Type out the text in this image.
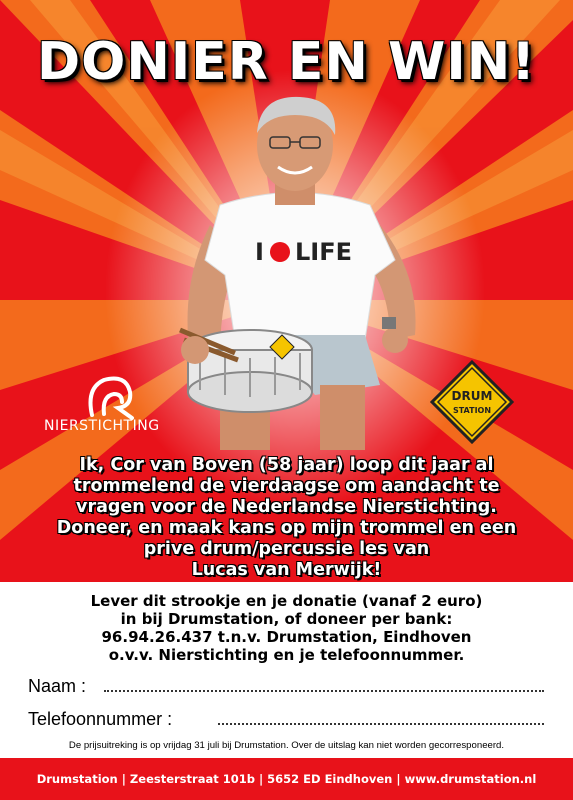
DONIER EN WIN!
I LIFE
NIERSTICHTING
DRUM
STATION
Ik, Cor van Boven (58 jaar) loop dit jaar al
trommelend de vierdaagse om aandacht te
vragen voor de Nederlandse Nierstichting.
Doneer, en maak kans op mijn trommel en een
prive drum/percussie les van
Lucas van Merwijk!
Lever dit strookje en je donatie (vanaf 2 euro)
in bij Drumstation, of doneer per bank:
96.94.26.437 t.n.v. Drumstation, Eindhoven
o.v.v. Nierstichting en je telefoonnummer.
Naam :
Telefoonnummer :
De prijsuitreking is op vrijdag 31 juli bij Drumstation. Over de uitslag kan niet worden gecorresponeerd.
Drumstation | Zeesterstraat 101b | 5652 ED Eindhoven | www.drumstation.nl
